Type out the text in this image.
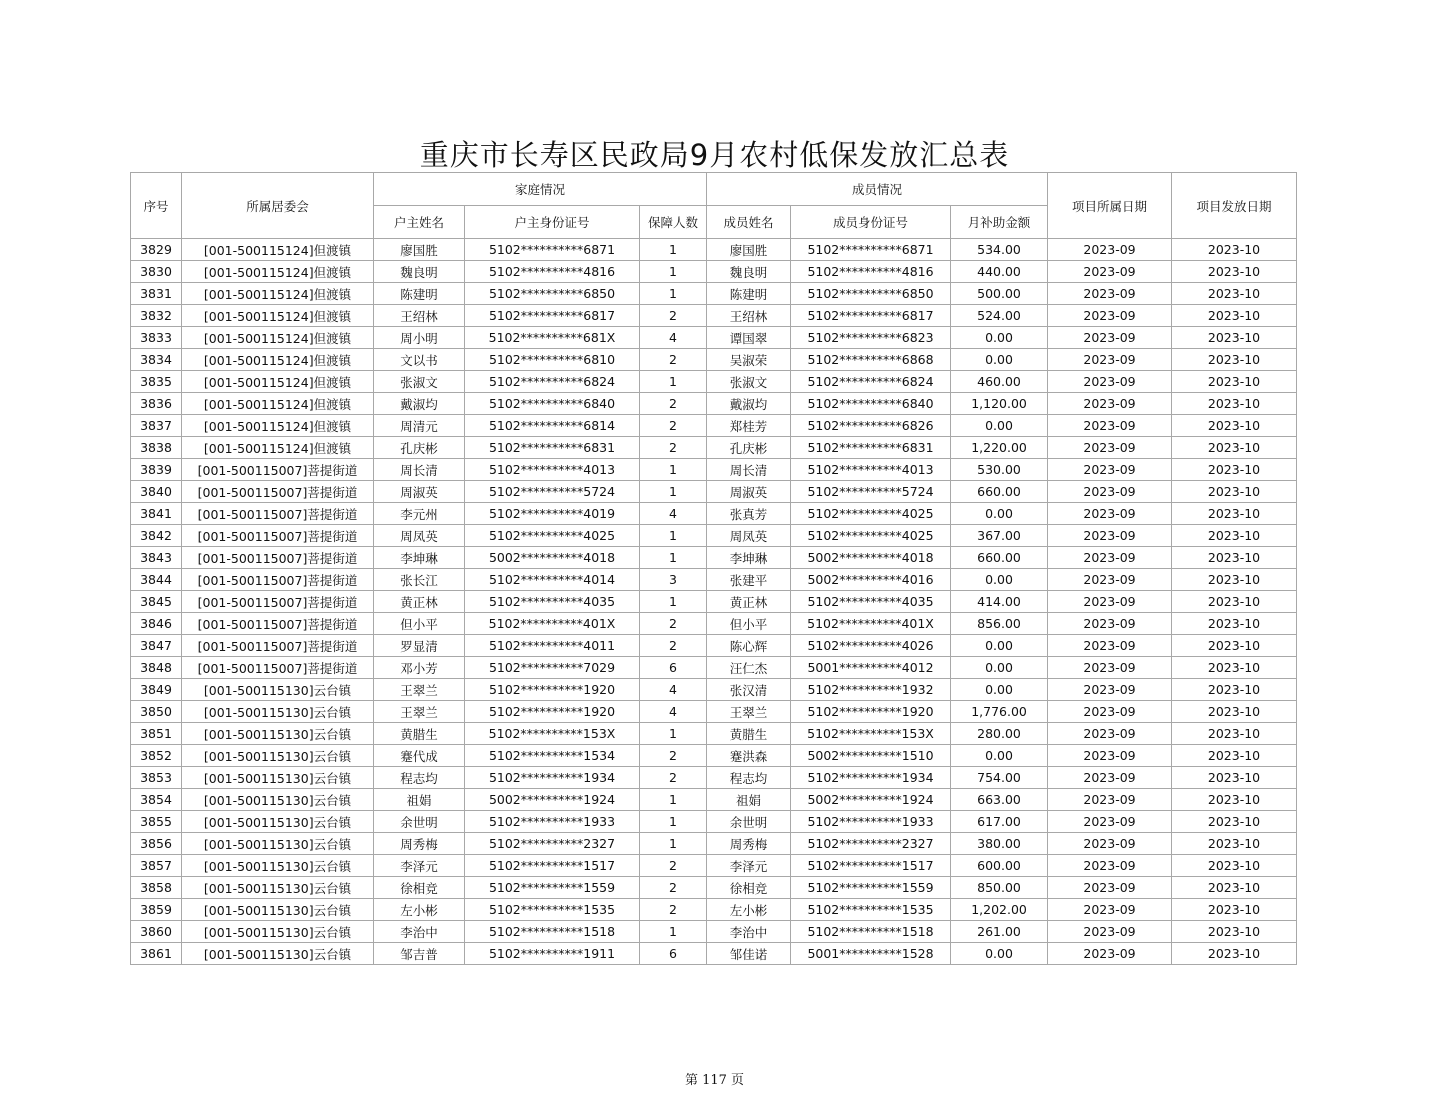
重庆市长寿区民政局9月农村低保发放汇总表
序号	所属居委会	家庭情况			成员情况			项目所属日期	项目发放日期
		户主姓名	户主身份证号	保障人数	成员姓名	成员身份证号	月补助金额		
3829	[001-500115124]但渡镇	廖国胜	5102**********6871	1	廖国胜	5102**********6871	534.00	2023-09	2023-10
3830	[001-500115124]但渡镇	魏良明	5102**********4816	1	魏良明	5102**********4816	440.00	2023-09	2023-10
3831	[001-500115124]但渡镇	陈建明	5102**********6850	1	陈建明	5102**********6850	500.00	2023-09	2023-10
3832	[001-500115124]但渡镇	王绍林	5102**********6817	2	王绍林	5102**********6817	524.00	2023-09	2023-10
3833	[001-500115124]但渡镇	周小明	5102**********681X	4	谭国翠	5102**********6823	0.00	2023-09	2023-10
3834	[001-500115124]但渡镇	文以书	5102**********6810	2	吴淑荣	5102**********6868	0.00	2023-09	2023-10
3835	[001-500115124]但渡镇	张淑文	5102**********6824	1	张淑文	5102**********6824	460.00	2023-09	2023-10
3836	[001-500115124]但渡镇	戴淑均	5102**********6840	2	戴淑均	5102**********6840	1,120.00	2023-09	2023-10
3837	[001-500115124]但渡镇	周清元	5102**********6814	2	郑桂芳	5102**********6826	0.00	2023-09	2023-10
3838	[001-500115124]但渡镇	孔庆彬	5102**********6831	2	孔庆彬	5102**********6831	1,220.00	2023-09	2023-10
3839	[001-500115007]菩提街道	周长清	5102**********4013	1	周长清	5102**********4013	530.00	2023-09	2023-10
3840	[001-500115007]菩提街道	周淑英	5102**********5724	1	周淑英	5102**********5724	660.00	2023-09	2023-10
3841	[001-500115007]菩提街道	李元州	5102**********4019	4	张真芳	5102**********4025	0.00	2023-09	2023-10
3842	[001-500115007]菩提街道	周凤英	5102**********4025	1	周凤英	5102**********4025	367.00	2023-09	2023-10
3843	[001-500115007]菩提街道	李坤琳	5002**********4018	1	李坤琳	5002**********4018	660.00	2023-09	2023-10
3844	[001-500115007]菩提街道	张长江	5102**********4014	3	张建平	5002**********4016	0.00	2023-09	2023-10
3845	[001-500115007]菩提街道	黄正林	5102**********4035	1	黄正林	5102**********4035	414.00	2023-09	2023-10
3846	[001-500115007]菩提街道	但小平	5102**********401X	2	但小平	5102**********401X	856.00	2023-09	2023-10
3847	[001-500115007]菩提街道	罗显清	5102**********4011	2	陈心辉	5102**********4026	0.00	2023-09	2023-10
3848	[001-500115007]菩提街道	邓小芳	5102**********7029	6	汪仁杰	5001**********4012	0.00	2023-09	2023-10
3849	[001-500115130]云台镇	王翠兰	5102**********1920	4	张汉清	5102**********1932	0.00	2023-09	2023-10
3850	[001-500115130]云台镇	王翠兰	5102**********1920	4	王翠兰	5102**********1920	1,776.00	2023-09	2023-10
3851	[001-500115130]云台镇	黄腊生	5102**********153X	1	黄腊生	5102**********153X	280.00	2023-09	2023-10
3852	[001-500115130]云台镇	蹇代成	5102**********1534	2	蹇洪森	5002**********1510	0.00	2023-09	2023-10
3853	[001-500115130]云台镇	程志均	5102**********1934	2	程志均	5102**********1934	754.00	2023-09	2023-10
3854	[001-500115130]云台镇	祖娟	5002**********1924	1	祖娟	5002**********1924	663.00	2023-09	2023-10
3855	[001-500115130]云台镇	余世明	5102**********1933	1	余世明	5102**********1933	617.00	2023-09	2023-10
3856	[001-500115130]云台镇	周秀梅	5102**********2327	1	周秀梅	5102**********2327	380.00	2023-09	2023-10
3857	[001-500115130]云台镇	李泽元	5102**********1517	2	李泽元	5102**********1517	600.00	2023-09	2023-10
3858	[001-500115130]云台镇	徐相竞	5102**********1559	2	徐相竞	5102**********1559	850.00	2023-09	2023-10
3859	[001-500115130]云台镇	左小彬	5102**********1535	2	左小彬	5102**********1535	1,202.00	2023-09	2023-10
3860	[001-500115130]云台镇	李治中	5102**********1518	1	李治中	5102**********1518	261.00	2023-09	2023-10
3861	[001-500115130]云台镇	邹吉普	5102**********1911	6	邹佳诺	5001**********1528	0.00	2023-09	2023-10
第 117 页
